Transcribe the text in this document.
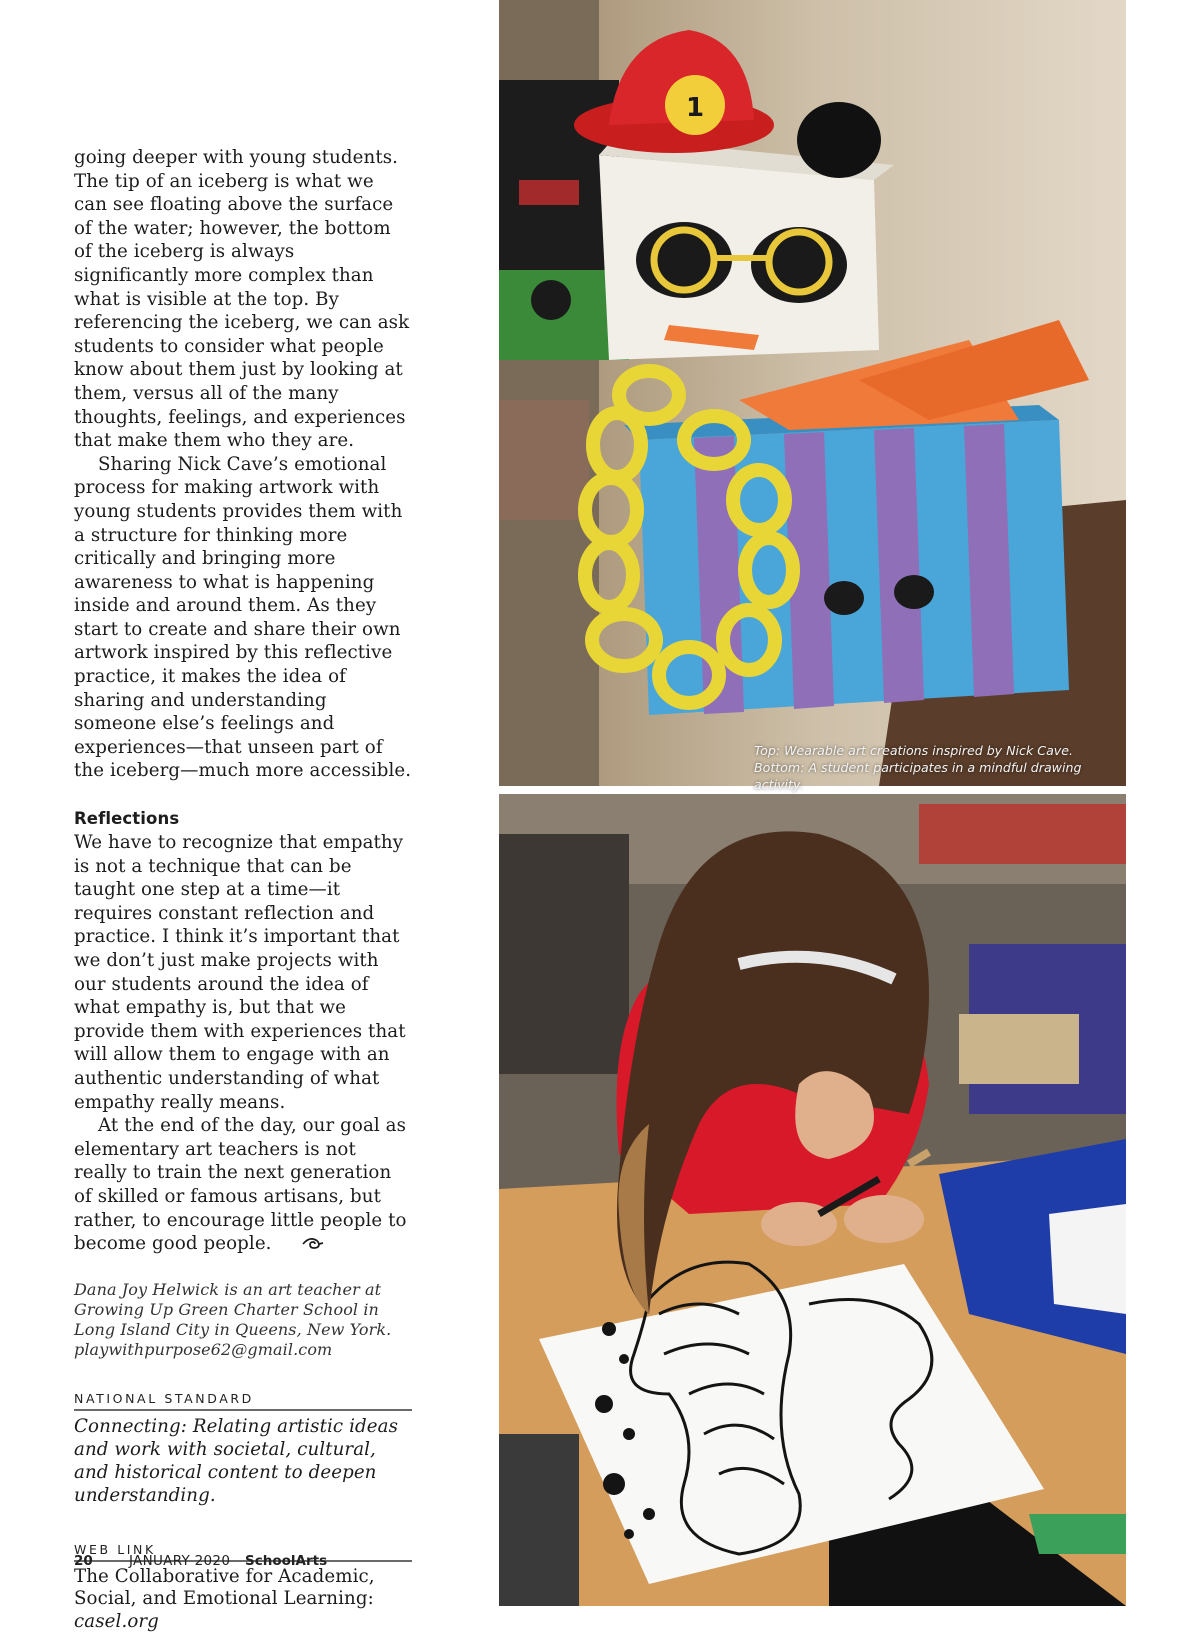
going deeper with young students. The tip of an iceberg is what we can see floating above the surface of the water; however, the bottom of the iceberg is always significantly more complex than what is visible at the top. By referencing the iceberg, we can ask students to consider what people know about them just by looking at them, versus all of the many thoughts, feelings, and experiences that make them who they are.

Sharing Nick Cave’s emotional process for making artwork with young students provides them with a structure for thinking more critically and bringing more awareness to what is happening inside and around them. As they start to create and share their own artwork inspired by this reflective practice, it makes the idea of sharing and understanding someone else’s feelings and experiences—that unseen part of the iceberg—much more accessible.

Reflections

We have to recognize that empathy is not a technique that can be taught one step at a time—it requires constant reflection and practice. I think it’s important that we don’t just make projects with our students around the idea of what empathy is, but that we provide them with experiences that will allow them to engage with an authentic understanding of what empathy really means.

At the end of the day, our goal as elementary art teachers is not really to train the next generation of skilled or famous artisans, but rather, to encourage little people to become good people.

Dana Joy Helwick is an art teacher at Growing Up Green Charter School in Long Island City in Queens, New York.
playwithpurpose62@gmail.com
NATIONAL STANDARD
Connecting: Relating artistic ideas and work with societal, cultural, and historical content to deepen understanding.
WEB LINK
The Collaborative for Academic, Social, and Emotional Learning: casel.org
20	JANUARY 2020	SchoolArts
1
Top: Wearable art creations inspired by Nick Cave. Bottom: A student participates in a mindful drawing activity.
